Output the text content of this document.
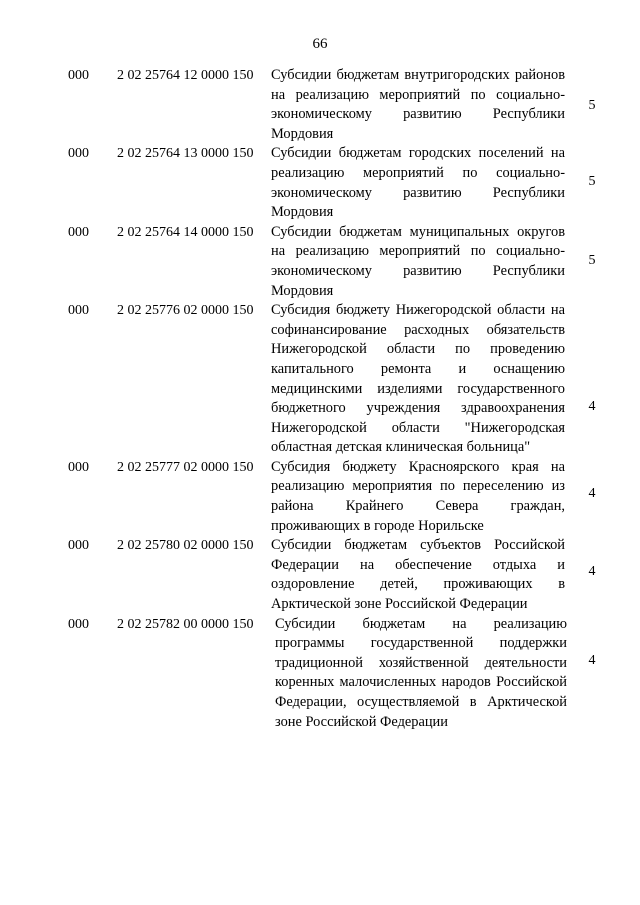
66
000 2 02 25764 12 0000 150 Субсидии бюджетам внутригородских районов на реализацию мероприятий по социально-экономическому развитию Республики Мордовия
5
000 2 02 25764 13 0000 150 Субсидии бюджетам городских поселений на реализацию мероприятий по социально-экономическому развитию Республики Мордовия
5
000 2 02 25764 14 0000 150 Субсидии бюджетам муниципальных округов на реализацию мероприятий по социально-экономическому развитию Республики Мордовия
5
000 2 02 25776 02 0000 150 Субсидия бюджету Нижегородской области на софинансирование расходных обязательств Нижегородской области по проведению капитального ремонта и оснащению медицинскими изделиями государственного бюджетного учреждения здравоохранения Нижегородской области "Нижегородская областная детская клиническая больница"
4
000 2 02 25777 02 0000 150 Субсидия бюджету Красноярского края на реализацию мероприятия по переселению из района Крайнего Севера граждан, проживающих в городе Норильске
4
000 2 02 25780 02 0000 150 Субсидии бюджетам субъектов Российской Федерации на обеспечение отдыха и оздоровление детей, проживающих в Арктической зоне Российской Федерации
4
000 2 02 25782 00 0000 150 Субсидии бюджетам на реализацию программы государственной поддержки традиционной хозяйственной деятельности коренных малочисленных народов Российской Федерации, осуществляемой в Арктической зоне Российской Федерации
4
